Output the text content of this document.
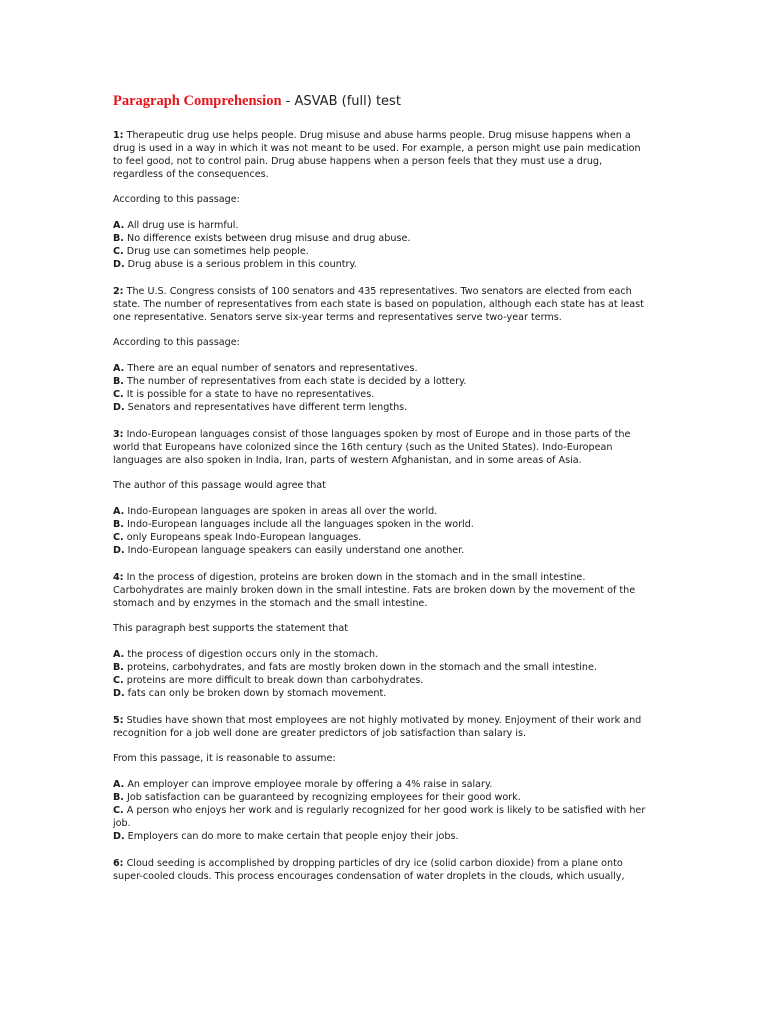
Paragraph Comprehension - ASVAB (full) test
1: Therapeutic drug use helps people. Drug misuse and abuse harms people. Drug misuse happens when a drug is used in a way in which it was not meant to be used. For example, a person might use pain medication to feel good, not to control pain. Drug abuse happens when a person feels that they must use a drug, regardless of the consequences.
According to this passage:
A. All drug use is harmful.
B. No difference exists between drug misuse and drug abuse.
C. Drug use can sometimes help people.
D. Drug abuse is a serious problem in this country.
2: The U.S. Congress consists of 100 senators and 435 representatives. Two senators are elected from each state. The number of representatives from each state is based on population, although each state has at least one representative. Senators serve six-year terms and representatives serve two-year terms.
According to this passage:
A. There are an equal number of senators and representatives.
B. The number of representatives from each state is decided by a lottery.
C. It is possible for a state to have no representatives.
D. Senators and representatives have different term lengths.
3: Indo-European languages consist of those languages spoken by most of Europe and in those parts of the world that Europeans have colonized since the 16th century (such as the United States). Indo-European languages are also spoken in India, Iran, parts of western Afghanistan, and in some areas of Asia.
The author of this passage would agree that
A. Indo-European languages are spoken in areas all over the world.
B. Indo-European languages include all the languages spoken in the world.
C. only Europeans speak Indo-European languages.
D. Indo-European language speakers can easily understand one another.
4: In the process of digestion, proteins are broken down in the stomach and in the small intestine. Carbohydrates are mainly broken down in the small intestine. Fats are broken down by the movement of the stomach and by enzymes in the stomach and the small intestine.
This paragraph best supports the statement that
A. the process of digestion occurs only in the stomach.
B. proteins, carbohydrates, and fats are mostly broken down in the stomach and the small intestine.
C. proteins are more difficult to break down than carbohydrates.
D. fats can only be broken down by stomach movement.
5: Studies have shown that most employees are not highly motivated by money. Enjoyment of their work and recognition for a job well done are greater predictors of job satisfaction than salary is.
From this passage, it is reasonable to assume:
A. An employer can improve employee morale by offering a 4% raise in salary.
B. Job satisfaction can be guaranteed by recognizing employees for their good work.
C. A person who enjoys her work and is regularly recognized for her good work is likely to be satisfied with her job.
D. Employers can do more to make certain that people enjoy their jobs.
6: Cloud seeding is accomplished by dropping particles of dry ice (solid carbon dioxide) from a plane onto super-cooled clouds. This process encourages condensation of water droplets in the clouds, which usually,
